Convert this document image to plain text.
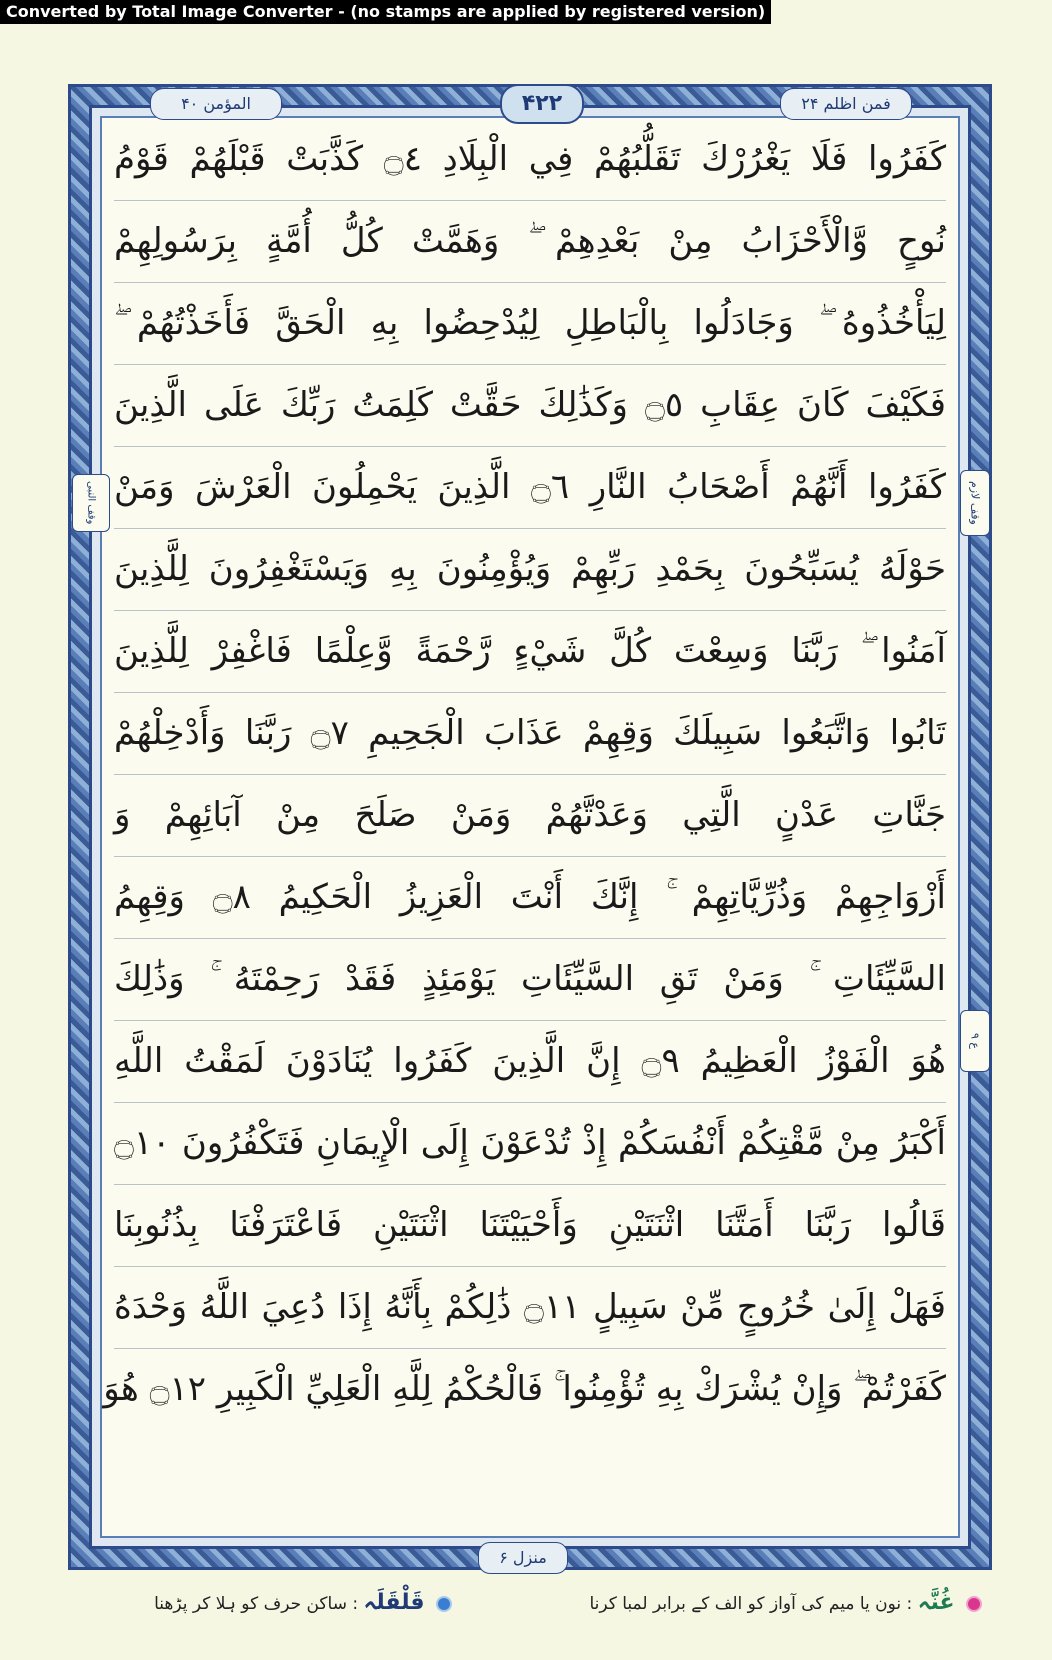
Converted by Total Image Converter - (no stamps are applied by registered version)
كَفَرُوا فَلَا يَغْرُرْكَ تَقَلُّبُهُمْ فِي الْبِلَادِ ۝٤ كَذَّبَتْ قَبْلَهُمْ قَوْمُ
نُوحٍ وَّالْأَحْزَابُ مِنْ بَعْدِهِمْ ۖ وَهَمَّتْ كُلُّ أُمَّةٍ بِرَسُولِهِمْ
لِيَأْخُذُوهُ ۖ وَجَادَلُوا بِالْبَاطِلِ لِيُدْحِضُوا بِهِ الْحَقَّ فَأَخَذْتُهُمْ ۖ
فَكَيْفَ كَانَ عِقَابِ ۝٥ وَكَذَٰلِكَ حَقَّتْ كَلِمَتُ رَبِّكَ عَلَى الَّذِينَ
كَفَرُوا أَنَّهُمْ أَصْحَابُ النَّارِ ۝٦ الَّذِينَ يَحْمِلُونَ الْعَرْشَ وَمَنْ
حَوْلَهُ يُسَبِّحُونَ بِحَمْدِ رَبِّهِمْ وَيُؤْمِنُونَ بِهِ وَيَسْتَغْفِرُونَ لِلَّذِينَ
آمَنُوا ۖ رَبَّنَا وَسِعْتَ كُلَّ شَيْءٍ رَّحْمَةً وَّعِلْمًا فَاغْفِرْ لِلَّذِينَ
تَابُوا وَاتَّبَعُوا سَبِيلَكَ وَقِهِمْ عَذَابَ الْجَحِيمِ ۝٧ رَبَّنَا وَأَدْخِلْهُمْ
جَنَّاتِ عَدْنٍ الَّتِي وَعَدْتَّهُمْ وَمَنْ صَلَحَ مِنْ آبَائِهِمْ وَ
أَزْوَاجِهِمْ وَذُرِّيَّاتِهِمْ ۚ إِنَّكَ أَنْتَ الْعَزِيزُ الْحَكِيمُ ۝٨ وَقِهِمُ
السَّيِّئَاتِ ۚ وَمَنْ تَقِ السَّيِّئَاتِ يَوْمَئِذٍ فَقَدْ رَحِمْتَهُ ۚ وَذَٰلِكَ
هُوَ الْفَوْزُ الْعَظِيمُ ۝٩ إِنَّ الَّذِينَ كَفَرُوا يُنَادَوْنَ لَمَقْتُ اللَّهِ
أَكْبَرُ مِنْ مَّقْتِكُمْ أَنْفُسَكُمْ إِذْ تُدْعَوْنَ إِلَى الْإِيمَانِ فَتَكْفُرُونَ ۝١٠
قَالُوا رَبَّنَا أَمَتَّنَا اثْنَتَيْنِ وَأَحْيَيْتَنَا اثْنَتَيْنِ فَاعْتَرَفْنَا بِذُنُوبِنَا
فَهَلْ إِلَىٰ خُرُوجٍ مِّنْ سَبِيلٍ ۝١١ ذَٰلِكُمْ بِأَنَّهُ إِذَا دُعِيَ اللَّهُ وَحْدَهُ
كَفَرْتُمْ ۖ وَإِنْ يُشْرَكْ بِهِ تُؤْمِنُوا ۚ فَالْحُكْمُ لِلَّهِ الْعَلِيِّ الْكَبِيرِ ۝١٢ هُوَ
۴۲۲	فمن اظلم ۲۴
المؤمن ۴۰
وقف لازم
ع ۹
وقف النبی
منزل ۶
غُنَّہ : نون یا میم کی آواز کو الف کے برابر لمبا کرنا
قَلْقَلَہ : ساکن حرف کو ہلا کر پڑھنا
